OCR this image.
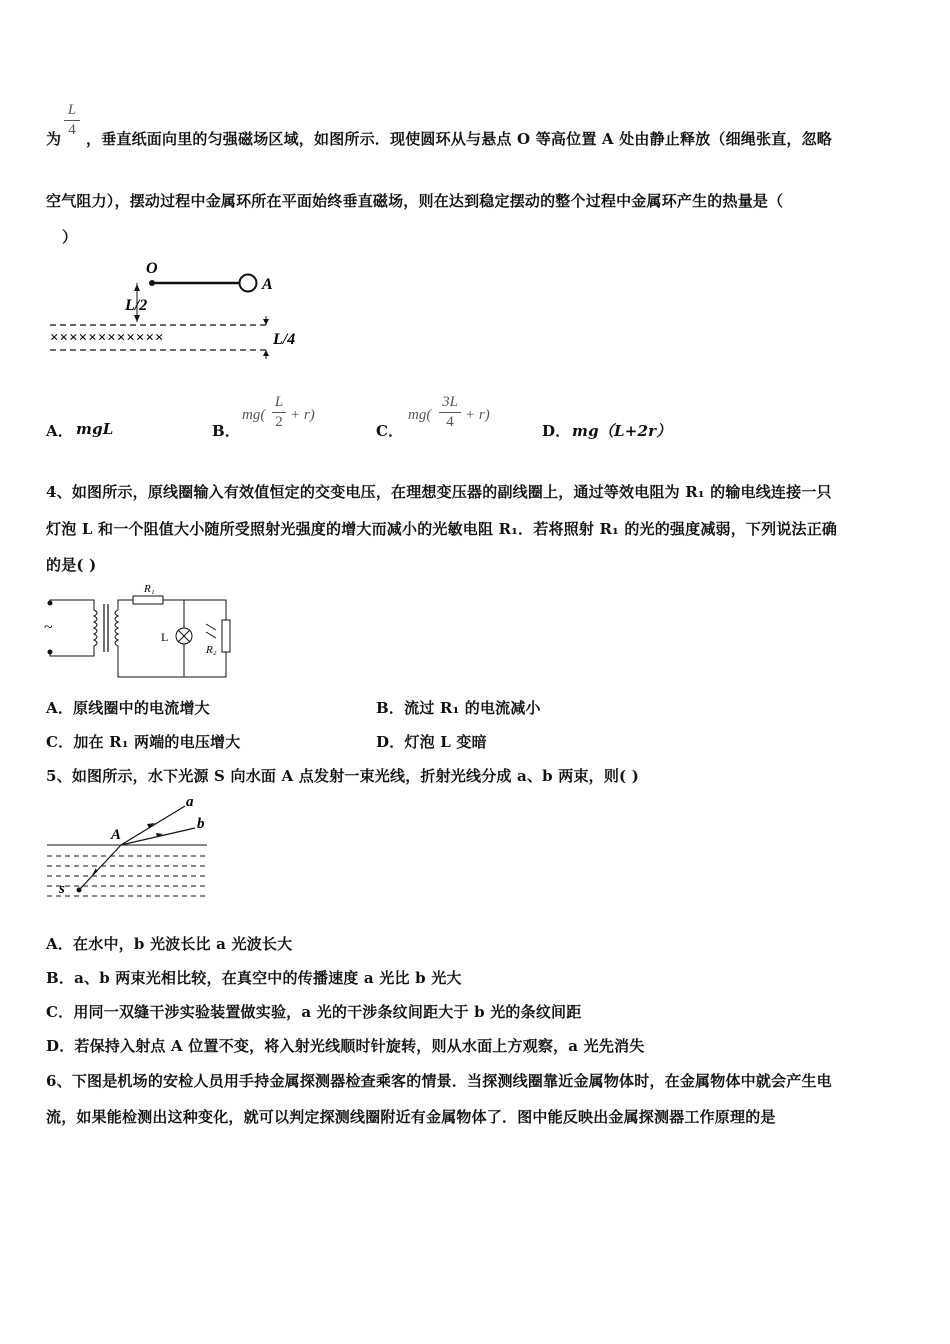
L
4
为 ，垂直纸面向里的匀强磁场区域，如图所示．现使圆环从与悬点 O 等高位置 A 处由静止释放（细绳张直，忽略
空气阻力），摆动过程中金属环所在平面始终垂直磁场，则在达到稳定摆动的整个过程中金属环产生的热量是（
）
O
A
L/2
××××××××××××	L/4
A． mgL	B．
mg(
L
2 + r)
C．
mg(
3L
4 + r)
D． mg（L+2r）
4、如图所示，原线圈输入有效值恒定的交变电压，在理想变压器的副线圈上，通过等效电阻为 R₁ 的输电线连接一只
灯泡 L 和一个阻值大小随所受照射光强度的增大而减小的光敏电阻 R₁．若将照射 R₁ 的光的强度减弱，下列说法正确
的是( )
~
R₁
L
R₂
A．原线圈中的电流增大	B．流过 R₁ 的电流减小
C．加在 R₁ 两端的电压增大	D．灯泡 L 变暗
5、如图所示，水下光源 S 向水面 A 点发射一束光线，折射光线分成 a、b 两束，则( )
a
b
A
s
A．在水中，b 光波长比 a 光波长大
B．a、b 两束光相比较，在真空中的传播速度 a 光比 b 光大
C．用同一双缝干涉实验装置做实验，a 光的干涉条纹间距大于 b 光的条纹间距
D．若保持入射点 A 位置不变，将入射光线顺时针旋转，则从水面上方观察，a 光先消失
6、下图是机场的安检人员用手持金属探测器检查乘客的情景．当探测线圈靠近金属物体时，在金属物体中就会产生电
流，如果能检测出这种变化，就可以判定探测线圈附近有金属物体了．图中能反映出金属探测器工作原理的是
